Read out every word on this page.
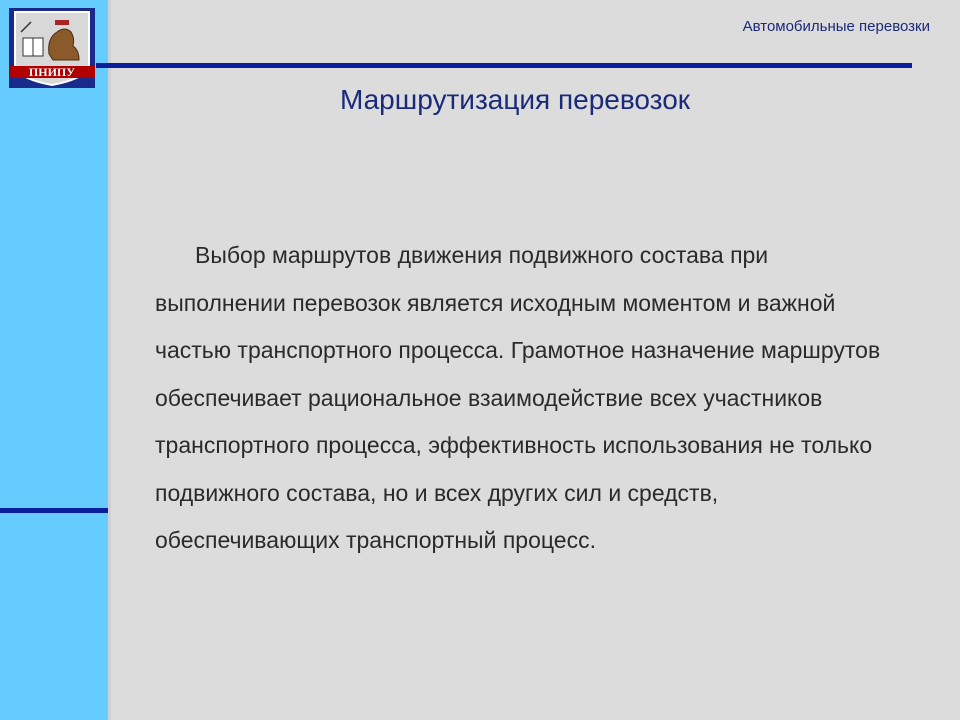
ПНИПУ
Автомобильные перевозки
Маршрутизация перевозок

Выбор маршрутов движения подвижного состава при выполнении перевозок является исходным моментом и важной частью транспортного процесса. Грамотное назначение маршрутов обеспечивает рациональное взаимодействие всех участников транспортного процесса, эффективность использования не только подвижного состава, но и всех других сил и средств, обеспечивающих транспортный процесс.
